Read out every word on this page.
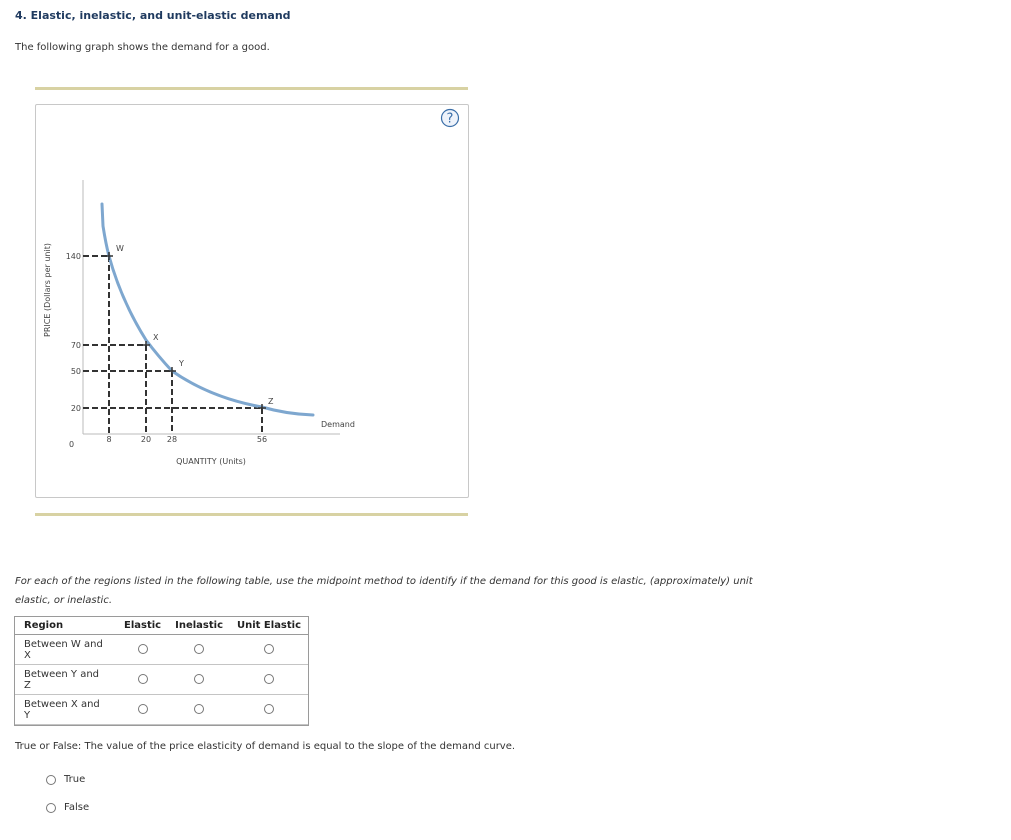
4. Elastic, inelastic, and unit-elastic demand
The following graph shows the demand for a good.
?
PRICE (Dollars per unit)	W
X
Y
Z
140
70
50
20
0
8	20 28	56
QUANTITY (Units)
Demand
For each of the regions listed in the following table, use the midpoint method to identify if the demand for this good is elastic, (approximately) unit elastic, or inelastic.
Region	Elastic	Inelastic	Unit Elastic
Between W and X			
Between Y and Z			
Between X and Y			
True or False: The value of the price elasticity of demand is equal to the slope of the demand curve.
True
False
